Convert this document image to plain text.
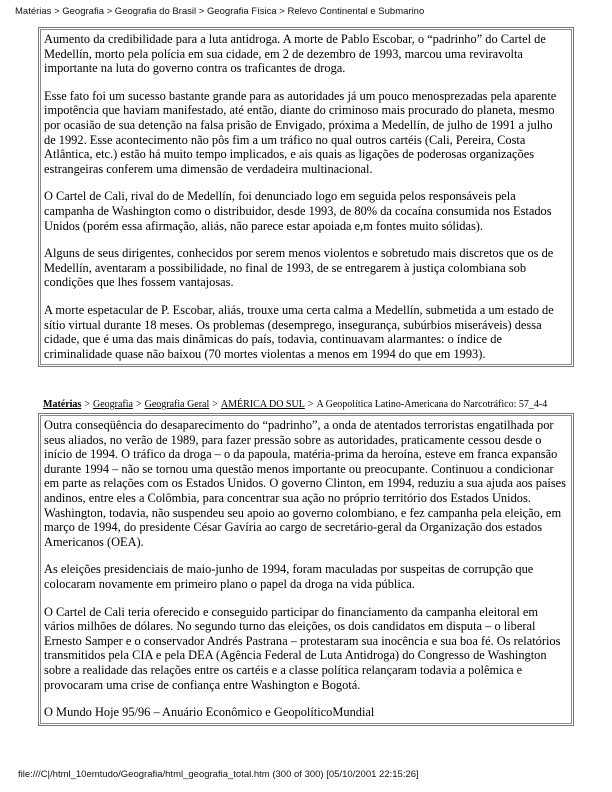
Matérias > Geografia > Geografia do Brasil > Geografia Física > Relevo Continental e Submarino

Aumento da credibilidade para a luta antidroga. A morte de Pablo Escobar, o “padrinho” do Cartel de Medellín, morto pela polícia em sua cidade, em 2 de dezembro de 1993, marcou uma reviravolta importante na luta do governo contra os traficantes de droga.

Esse fato foi um sucesso bastante grande para as autoridades já um pouco menosprezadas pela aparente impotência que haviam manifestado, até então, diante do criminoso mais procurado do planeta, mesmo por ocasião de sua detenção na falsa prisão de Envigado, próxima a Medellín, de julho de 1991 a julho de 1992. Esse acontecimento não pôs fim a um tráfico no qual outros cartéis (Cali, Pereira, Costa Atlântica, etc.) estão há muito tempo implicados, e ais quais as ligações de poderosas organizações estrangeiras conferem uma dimensão de verdadeira multinacional.

O Cartel de Cali, rival do de Medellín, foi denunciado logo em seguida pelos responsáveis pela campanha de Washington como o distribuidor, desde 1993, de 80% da cocaína consumida nos Estados Unidos (porém essa afirmação, aliás, não parece estar apoiada e,m fontes muito sólidas).

Alguns de seus dirigentes, conhecidos por serem menos violentos e sobretudo mais discretos que os de Medellín, aventaram a possibilidade, no final de 1993, de se entregarem à justiça colombiana sob condições que lhes fossem vantajosas.

A morte espetacular de P. Escobar, aliás, trouxe uma certa calma a Medellín, submetida a um estado de sítio virtual durante 18 meses. Os problemas (desemprego, insegurança, subúrbios miseráveis) dessa cidade, que é uma das mais dinâmicas do país, todavia, continuavam alarmantes: o índice de criminalidade quase não baixou (70 mortes violentas a menos em 1994 do que em 1993).

Matérias > Geografia > Geografia Geral > AMÉRICA DO SUL > A Geopolítica Latino-Americana do Narcotráfico: 57_4-4

Outra conseqüência do desaparecimento do “padrinho”, a onda de atentados terroristas engatilhada por seus aliados, no verão de 1989, para fazer pressão sobre as autoridades, praticamente cessou desde o início de 1994. O tráfico da droga – o da papoula, matéria-prima da heroína, esteve em franca expansão durante 1994 – não se tornou uma questão menos importante ou preocupante. Continuou a condicionar em parte as relações com os Estados Unidos. O governo Clinton, em 1994, reduziu a sua ajuda aos países andinos, entre eles a Colômbia, para concentrar sua ação no próprio território dos Estados Unidos. Washington, todavia, não suspendeu seu apoio ao governo colombiano, e fez campanha pela eleição, em março de 1994, do presidente César Gavíria ao cargo de secretário-geral da Organização dos estados Americanos (OEA).

As eleições presidenciais de maio-junho de 1994, foram maculadas por suspeitas de corrupção que colocaram novamente em primeiro plano o papel da droga na vida pública.

O Cartel de Cali teria oferecido e conseguido participar do financiamento da campanha eleitoral em vários milhões de dólares. No segundo turno das eleições, os dois candidatos em disputa – o liberal Ernesto Samper e o conservador Andrés Pastrana – protestaram sua inocência e sua boa fé. Os relatórios transmitidos pela CIA e pela DEA (Agência Federal de Luta Antidroga) do Congresso de Washington sobre a realidade das relações entre os cartéis e a classe política relançaram todavia a polêmica e provocaram uma crise de confiança entre Washington e Bogotá.

O Mundo Hoje 95/96 – Anuário Econômico e GeopolíticoMundial

file:///C|/html_10emtudo/Geografia/html_geografia_total.htm (300 of 300) [05/10/2001 22:15:26]
